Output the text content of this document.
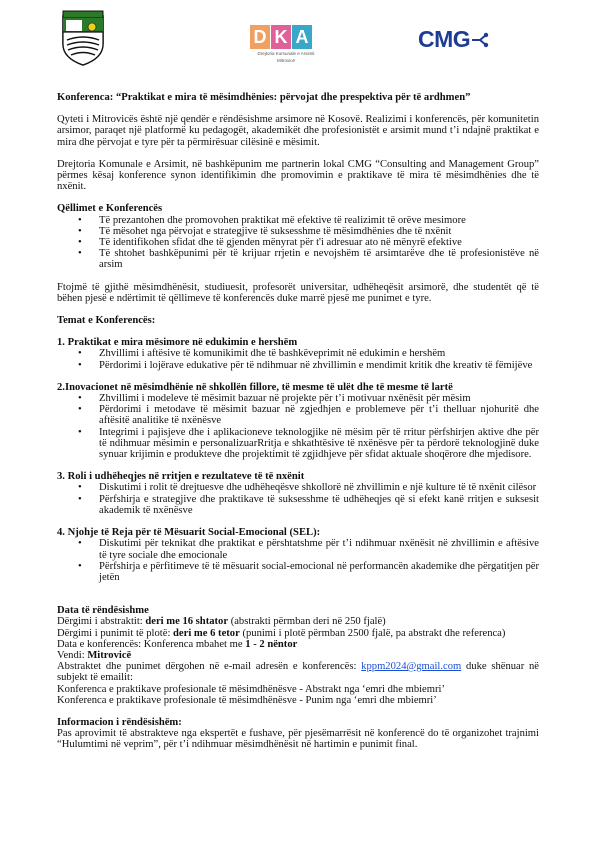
D K A
Drejtoria Komunale e Arsimit
Mitrovicë
CMG
Konferenca: “Praktikat e mira të mësimdhënies: përvojat dhe prespektiva për të ardhmen”

Qyteti i Mitrovicës është një qendër e rëndësishme arsimore në Kosovë. Realizimi i konferencës, për komunitetin arsimor, paraqet një platformë ku pedagogët, akademikët dhe profesionistët e arsimit mund t’i ndajnë praktikat e mira dhe përvojat e tyre për ta përmirësuar cilësinë e mësimit.

Drejtoria Komunale e Arsimit, në bashkëpunim me partnerin lokal CMG “Consulting and Management Group” përmes kësaj konference synon identifikimin dhe promovimin e praktikave të mira të mësimdhënies dhe të nxënit.

Qëllimet e Konferencës
• Të prezantohen dhe promovohen praktikat më efektive të realizimit të orëve mesimore
• Të mësohet nga përvojat e strategjive të suksesshme të mësimdhënies dhe të nxënit
• Të identifikohen sfidat dhe të gjenden mënyrat për t'i adresuar ato në mënyrë efektive
• Të shtohet bashkëpunimi për të krijuar rrjetin e nevojshëm të arsimtarëve dhe të profesionistëve në arsim

Ftojmë të gjithë mësimdhënësit, studiuesit, profesorët universitar, udhëheqësit arsimorë, dhe studentët që të bëhen pjesë e ndërtimit të qëllimeve të konferencës duke marrë pjesë me punimet e tyre.

Temat e Konferencës:

1. Praktikat e mira mësimore në edukimin e hershëm
• Zhvillimi i aftësive të komunikimit dhe të bashkëveprimit në edukimin e hershëm
• Përdorimi i lojërave edukative për të ndihmuar në zhvillimin e mendimit kritik dhe kreativ të fëmijëve
2.Inovacionet në mësimdhënie në shkollën fillore, të mesme të ulët dhe të mesme të lartë
• Zhvillimi i modeleve të mësimit bazuar në projekte për t’i motivuar nxënësit për mësim
• Përdorimi i metodave të mësimit bazuar në zgjedhjen e problemeve për t’i thelluar njohuritë dhe aftësitë analitike të nxënësve
• Integrimi i pajisjeve dhe i aplikacioneve teknologjike në mësim për të rritur përfshirjen aktive dhe për të ndihmuar mësimin e personalizuarRritja e shkathtësive të nxënësve për ta përdorë teknologjinë duke synuar krijimin e produkteve dhe projektimit të zgjidhjeve për sfidat aktuale shoqërore dhe mjedisore.
3. Roli i udhëheqjes në rritjen e rezultateve të të nxënit
• Diskutimi i rolit të drejtuesve dhe udhëheqësve shkollorë në zhvillimin e një kulture të të nxënit cilësor
• Përfshirja e strategjive dhe praktikave të suksesshme të udhëheqjes që si efekt kanë rritjen e suksesit akademik të nxënësve
4. Njohje të Reja për të Mësuarit Social-Emocional (SEL):
• Diskutimi për teknikat dhe praktikat e përshtatshme për t’i ndihmuar nxënësit në zhvillimin e aftësive të tyre sociale dhe emocionale
• Përfshirja e përfitimeve të të mësuarit social-emocional në performancën akademike dhe përgatitjen për jetën

Data të rëndësishme

Dërgimi i abstraktit: deri me 16 shtator (abstrakti përmban deri në 250 fjalë)

Dërgimi i punimit të plotë: deri me 6 tetor (punimi i plotë përmban 2500 fjalë, pa abstrakt dhe referenca)

Data e konferencës: Konferenca mbahet me 1 - 2 nëntor

Vendi: Mitrovicë

Abstraktet dhe punimet dërgohen në e-mail adresën e konferencës: kppm2024@gmail.com duke shënuar në subjekt të emailit:

Konferenca e praktikave profesionale të mësimdhënësve - Abstrakt nga ‘emri dhe mbiemri’

Konferenca e praktikave profesionale të mësimdhënësve - Punim nga ‘emri dhe mbiemri’

Informacion i rëndësishëm:

Pas aprovimit të abstrakteve nga ekspertët e fushave, për pjesëmarrësit në konferencë do të organizohet trajnimi “Hulumtimi në veprim”, për t’i ndihmuar mësimdhënësit në hartimin e punimit final.
